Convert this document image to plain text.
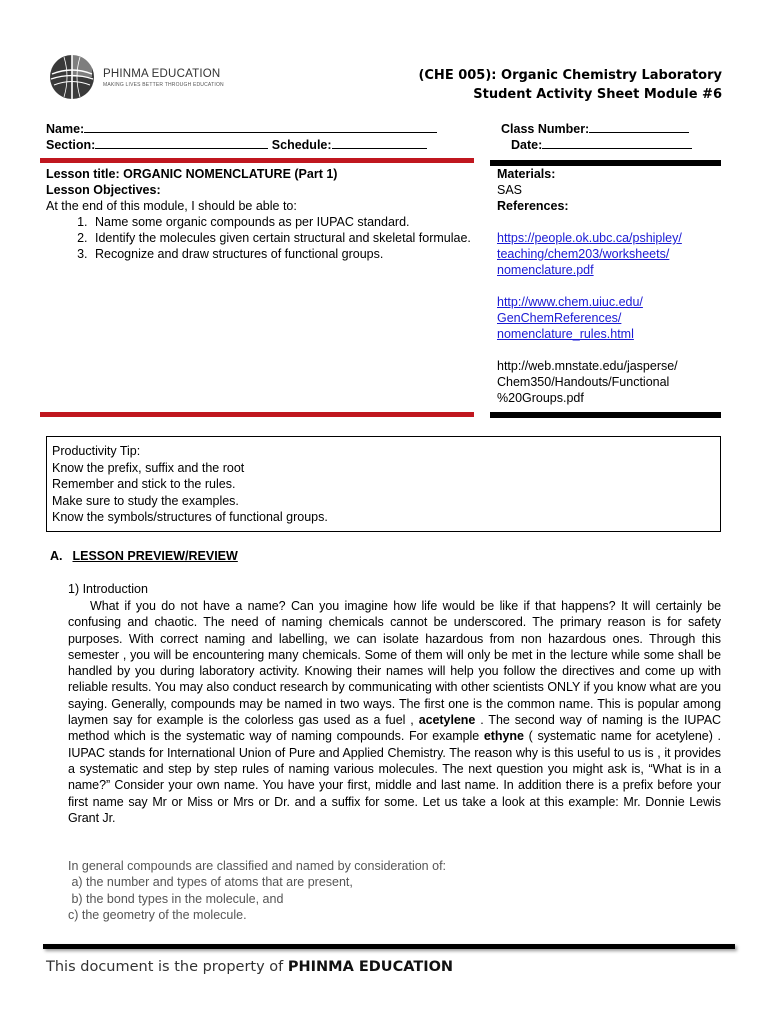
PHINMA EDUCATION
MAKING LIVES BETTER THROUGH EDUCATION
(CHE 005): Organic Chemistry Laboratory
Student Activity Sheet Module #6
Name:
Section:	Schedule:
Class Number:
Date:
Lesson title: ORGANIC NOMENCLATURE (Part 1)
Lesson Objectives:
At the end of this module, I should be able to:
1. Name some organic compounds as per IUPAC standard.
2. Identify the molecules given certain structural and skeletal formulae.
3. Recognize and draw structures of functional groups.
Materials:
SAS
References:
https://people.ok.ubc.ca/pshipley/
teaching/chem203/worksheets/
nomenclature.pdf
http://www.chem.uiuc.edu/
GenChemReferences/
nomenclature_rules.html
http://web.mnstate.edu/jasperse/
Chem350/Handouts/Functional
%20Groups.pdf
Productivity Tip:
Know the prefix, suffix and the root
Remember and stick to the rules.
Make sure to study the examples.
Know the symbols/structures of functional groups.
A. LESSON PREVIEW/REVIEW
1) Introduction
What if you do not have a name? Can you imagine how life would be like if that happens? It will certainly be confusing and chaotic. The need of naming chemicals cannot be underscored. The primary reason is for safety purposes. With correct naming and labelling, we can isolate hazardous from non hazardous ones. Through this semester , you will be encountering many chemicals. Some of them will only be met in the lecture while some shall be handled by you during laboratory activity. Knowing their names will help you follow the directives and come up with reliable results. You may also conduct research by communicating with other scientists ONLY if you know what are you saying. Generally, compounds may be named in two ways. The first one is the common name. This is popular among laymen say for example is the colorless gas used as a fuel , acetylene . The second way of naming is the IUPAC method which is the systematic way of naming compounds. For example ethyne ( systematic name for acetylene) . IUPAC stands for International Union of Pure and Applied Chemistry. The reason why is this useful to us is , it provides a systematic and step by step rules of naming various molecules. The next question you might ask is, “What is in a name?” Consider your own name. You have your first, middle and last name. In addition there is a prefix before your first name say Mr or Miss or Mrs or Dr. and a suffix for some. Let us take a look at this example: Mr. Donnie Lewis Grant Jr.
In general compounds are classified and named by consideration of:
a) the number and types of atoms that are present,
b) the bond types in the molecule, and
c) the geometry of the molecule.
This document is the property of PHINMA EDUCATION
